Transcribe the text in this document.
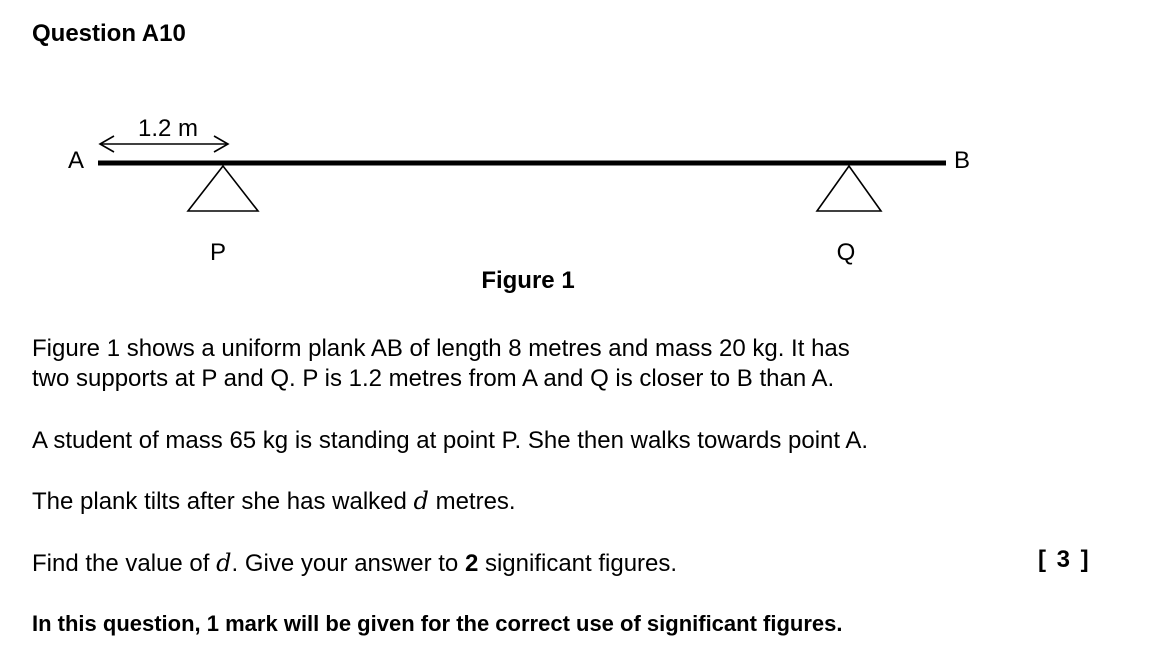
Question A10
1.2 m
A	B
P	Q
Figure 1

Figure 1 shows a uniform plank AB of length 8 metres and mass 20 kg. It has
two supports at P and Q. P is 1.2 metres from A and Q is closer to B than A.

A student of mass 65 kg is standing at point P. She then walks towards point A.

The plank tilts after she has walked d metres.

Find the value of d. Give your answer to 2 significant figures.	[ 3 ]

In this question, 1 mark will be given for the correct use of significant figures.
